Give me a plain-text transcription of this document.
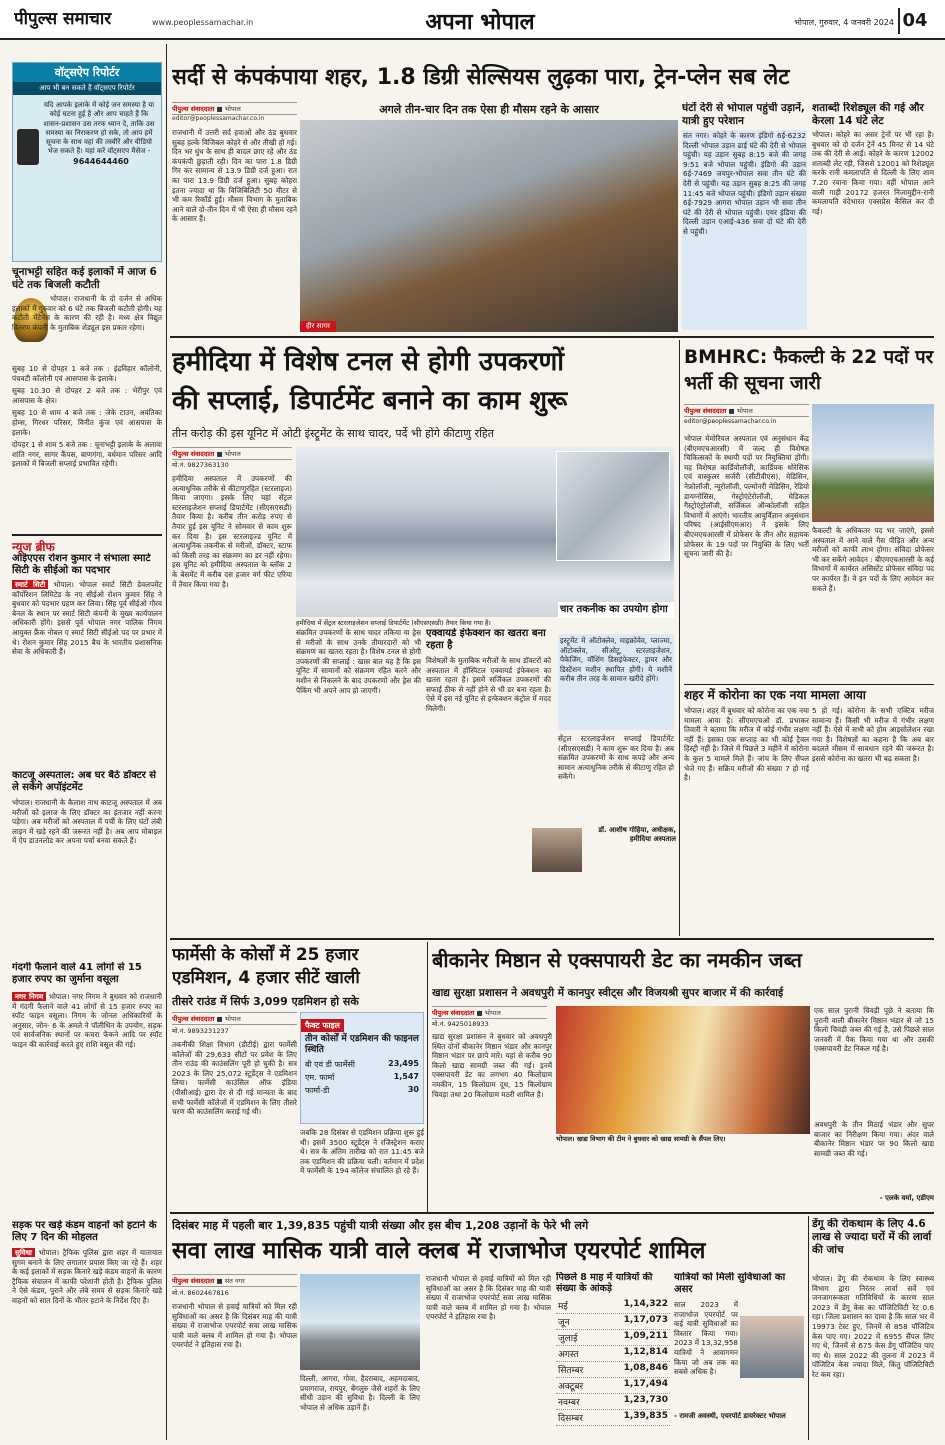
पीपुल्स समाचार	www.peoplessamachar.in	अपना भोपाल	भोपाल, गुरुवार, 4 जनवरी 2024 04
वॉट्सऐप रिपोर्टर
आप भी बन सकते हैं वॉट्सएप रिपोर्टर
यदि आपके इलाके में कोई जन समस्या है या कोई घटना हुई है और आप चाहते हैं कि शासन-प्रशासन उस तरफ ध्यान दे, ताकि उस समस्या का निराकरण हो सके, तो आप हमें सूचना के साथ वहां की तस्वीरें और वीडियो भेज सकते हैं। यहां करें वॉट्सएप मैसेज -
9644644460
चूनाभट्टी सहित कई इलाकों में आज 6 घंटे तक बिजली कटौती
भोपाल। राजधानी के दो दर्जन से अधिक इलाकों में गुरुवार को 6 घंटे तक बिजली कटौती होगी। यह कटौती मेंटेनेंस के कारण की रही है। मध्य क्षेत्र विद्युत वितरण कंपनी के मुताबिक शेड्यूल इस प्रकार रहेगा।
सुबह 10 से दोपहर 1 बजे तक : इंद्रविहार कॉलोनी, पंचवटी कॉलोनी एवं आसपास के इलाके।
सुबह 10.30 से दोपहर 2 बजे तक : भेरीपुर एवं आसपास के क्षेत्र।
सुबह 10 से शाम 4 बजे तक : जेके टाउन, अवंतिका होम्स, गिरधर परिसर, विनीत कुंज एवं आसपास के इलाके।
दोपहर 1 से शाम 5 बजे तक : चूनाभट्टी इलाके के अलावा शांति नगर, सागर कैंपस, बाणगंगा, वर्धमान परिसर आदि इलाकों में बिजली सप्लाई प्रभावित रहेगी।
न्यूज ब्रीफ
आईएएस रोशन कुमार ने संभाला स्मार्ट सिटी के सीईओ का पदभार
स्मार्ट सिटी भोपाल। भोपाल स्मार्ट सिटी डेवलपमेंट कॉर्पोरेशन लिमिटेड के नए सीईओ रोशन कुमार सिंह ने बुधवार को पदभार ग्रहण कर लिया। सिंह पूर्व सीईओ गौरव बेनल के स्थान पर स्मार्ट सिटी कंपनी के मुख्य कार्यपालन अधिकारी होंगे। इससे पूर्व भोपाल नगर पालिक निगम आयुक्त फ्रैंक नोबल ए स्मार्ट सिटी सीईओ पद पर प्रभार में थे। रोशन कुमार सिंह 2015 बैच के भारतीय प्रशासनिक सेवा के अधिकारी हैं।
काटजू अस्पताल: अब घर बैठे डॉक्टर से ले सकेंगे अपॉइंटमेंट
भोपाल। राजधानी के कैलाश नाथ काटजू अस्पताल में अब मरीजों को इलाज के लिए डॉक्टर का इंतजार नहीं करना पड़ेगा। अब मरीजों को अस्पताल में पर्ची के लिए घंटों लंबी लाइन में खड़े रहने की जरूरत नहीं है। अब आप मोबाइल में ऐप डाउनलोड कर अपना पर्चा बनवा सकते हैं।
गंदगी फैलाने वाले 41 लोगों से 15 हजार रुपए का जुर्माना वसूला
नगर निगम भोपाल। नगर निगम ने बुधवार को राजधानी में गंदगी फैलाने वाले 41 लोगों से 15 हजार रुपए का स्पॉट फाइन वसूला। निगम के जोनल अधिकारियों के अनुसार, जोन- 6 के अमले ने पॉलीथिन के उपयोग, सड़क एवं सार्वजनिक स्थानों पर कचरा फेंकने आदि पर स्पॉट फाइन की कार्रवाई करते हुए राशि वसूल की गई।
सड़क पर खड़े कंडम वाहनों को हटाने के लिए 7 दिन की मोहलत
सुविधा भोपाल। ट्रैफिक पुलिस द्वारा शहर में यातायात सुगम बनाने के लिए लगातार प्रयास किए जा रहे हैं। शहर के कई इलाकों में सड़क किनारे खड़े कंडम वाहनों के कारण ट्रैफिक संचालन में काफी परेशानी होती है। ट्रैफिक पुलिस ने ऐसे कंडम, पुराने और लंबे समय से सड़क किनारे खड़े वाहनों को सात दिनों के भीतर हटाने के निर्देश दिए हैं।
सर्दी से कंपकंपाया शहर, 1.8 डिग्री सेल्सियस लुढ़का पारा, ट्रेन-प्लेन सब लेट
पीपुल्स संवाददाता ■ भोपाल
editor@peoplessamachar.co.in
राजधानी में उत्तरी सर्द हवाओं और ठंड बुधवार सुबह हल्के विजिबल कोहरे से और तीखी हो गई। दिन भर धुंध के साथ ही बादल छाए रहे और ठंड कंपकंपी छुड़ाती रही। दिन का पारा 1.8 डिग्री गिर कर सामान्य से 13.9 डिग्री दर्ज हुआ। रात का पारा 13.9 डिग्री दर्ज हुआ। सुबह कोहरा इतना ज्यादा था कि विजिबिलिटी 50 मीटर से भी कम रिकॉर्ड हुई। मौसम विभाग के मुताबिक आने वाले दो-तीन दिन में भी ऐसा ही मौसम रहने के आसार हैं।
अगले तीन-चार दिन तक ऐसा ही मौसम रहने के आसार
हीर सागर
घंटों देरी से भोपाल पहुंची उड़ानें, यात्री हुए परेशान
संत नगर। कोहरे के कारण इंडिगो 6ई-6232 दिल्ली भोपाल उड़ान ढाई घंटे की देरी से भोपाल पहुंची। यह उड़ान सुबह 8:15 बजे की जगह 9:51 बजे भोपाल पहुंची। इंडिगो की उड़ान 6ई-7469 जयपुर-भोपाल सवा तीन घंटे की देरी से पहुंची। यह उड़ान सुबह 8:25 की जगह 11:45 बजे भोपाल पहुंची। इंडिगो उड़ान संख्या 6ई-7929 आगरा भोपाल उड़ान भी सवा तीन घंटे की देरी से भोपाल पहुंची। एयर इंडिया की दिल्ली उड़ान एआई-436 सवा दो घंटे की देरी से पहुंची।
शताब्दी रिशेड्यूल की गई और केरला 14 घंटे लेट
भोपाल। कोहरे का असर ट्रेनों पर भी रहा है। बुधवार को दो दर्जन ट्रेनें 45 मिनट से 14 घंटे तक की देरी से आईं। कोहरे के कारण 12002 शताब्दी लेट रही, जिससे 12001 को रिशेड्यूल करके रानी कमलापति से दिल्ली के लिए शाम 7.20 रवाना किया गया। वहीं भोपाल आने वाली गाड़ी 20172 हजरत निजामुद्दीन-रानी कमलापति वंदेभारत एक्सप्रेस कैंसिल कर दी गई।
हमीदिया में विशेष टनल से होगी उपकरणों
की सप्लाई, डिपार्टमेंट बनाने का काम शुरू
तीन करोड़ की इस यूनिट में ओटी इंस्ट्रूमेंट के साथ चादर, पर्दे भी होंगे कीटाणु रहित
पीपुल्स संवाददाता ■ भोपाल
मो.नं. 9827363130
हमीदिया अस्पताल में उपकरणों की अत्याधुनिक तरीके से कीटाणुरहित (स्टरलाइज) किया जाएगा। इसके लिए यहां सेंट्रल स्टरलाइजेशन सप्लाई डिपार्टमेंट (सीएसएसडी) तैयार किया है। करीब तीन करोड़ रुपए से तैयार हुई इस यूनिट ने सोमवार से काम शुरू कर दिया है। इस स्टरलाइज्ड यूनिट में अत्याधुनिक तकनीक से मरीजों, डॉक्टर, स्टाफ को किसी तरह का संक्रमण का डर नहीं रहेगा। इस यूनिट को हमीदिया अस्पताल के ब्लॉक 2 के बेसमेंट में करीब दस हजार वर्ग फीट एरिया में तैयार किया गया है।
हमीदिया में सेंट्रल स्टरलाइजेशन सप्लाई डिपार्टमेंट (सीएसएसडी) तैयार किया गया है।
संक्रमित उपकरणों के साथ चादर तकिया या ड्रेस से मरीजों के साथ उनके तीमारदारों को भी संक्रमण का खतरा रहता है। विशेष टनल से होगी उपकरणों की सप्लाई : खास बात यह है कि इस यूनिट में सामानों को संक्रमण रहित करने और मशीन से निकलने के बाद उपकरणों और ड्रेस की पैकिंग भी अपने आप हो जाएगी।
एक्वायर्ड इंफेक्शन का खतरा बना रहता है
विशेषज्ञों के मुताबिक मरीजों के साथ डॉक्टरों को अस्पताल में हॉस्पिटल एक्वायर्ड इंफेक्शन का खतरा रहता है। इसमें सर्जिकल उपकरणों की सफाई ठीक से नहीं होने से भी डर बना रहता है। ऐसे में इस नई यूनिट से इन्फेक्शन कंट्रोल में मदद मिलेगी।
चार तकनीक का उपयोग होगा
इस्ट्रूमेंट में ऑटोक्लेव, माइक्रोवेव, प्लाज्मा, ऑटोक्लेव, सीओटू, स्टरलाइजेशन, पैकेजिंग, वॉशिंग डिसइंफेक्टर, ड्रायर और डिस्टेंशन मशीन स्थापित होंगी। ये मशीनें करीब तीन तरह के सामान खरीदे होंगे।
सेंट्रल स्टरलाइजेशन सप्लाई डिपार्टमेंट (सीएसएसडी) ने काम शुरू कर दिया है। अब संक्रमित उपकरणों के साथ कपड़े और अन्य सामान अत्याधुनिक तरीके से कीटाणु रहित हो सकेंगे।
डॉ. आशीष गोहिया, अधीक्षक, हमीदिया अस्पताल
BMHRC: फैकल्टी के 22 पदों पर भर्ती की सूचना जारी
पीपुल्स संवाददाता ■ भोपाल
editor@peoplessamachar.co.in
भोपाल मेमोरियल अस्पताल एवं अनुसंधान केंद्र (बीएमएचआरसी) में जल्द ही विशेषज्ञ चिकित्सकों के स्थायी पदों पर नियुक्तियां होंगी। यह विशेषज्ञ कार्डियोलॉजी, कार्डियक थोरेसिक एवं वास्कुलर सर्जरी (सीटीवीएस), मेडिसिन, नेफ्रोलॉजी, न्यूरोलॉजी, पल्मोनरी मेडिसिन, रेडियो डायग्नोसिस, गेस्ट्रोएंटेरोलॉजी, मेडिकल गैस्ट्रोएंट्रोलॉजी, सर्जिकल ऑन्कोलॉजी सहित विभागों में आएंगे। भारतीय आयुर्विज्ञान अनुसंधान परिषद (आईसीएमआर) ने इसके लिए बीएमएचआरसी में प्रोफेसर के तीन और सहायक प्रोफेसर के 19 पदों पर नियुक्ति के लिए भर्ती सूचना जारी की है।
फैकल्टी के अधिकतर पद भर जाएंगे, इससे अस्पताल में आने वाले गैस पीड़ित और अन्य मरीजों को काफी लाभ होगा। संविदा प्रोफेसर भी कर सकेंगे आवेदन : बीएमएचआरसी के कई विभागों में कार्यरत असिस्टेंट प्रोफेसर संविदा पद पर कार्यरत हैं। वे इन पदों के लिए आवेदन कर सकते हैं।
शहर में कोरोना का एक नया मामला आया
भोपाल। शहर में बुधवार को कोरोना का एक नया मामला आया है। सीएमएचओ डॉ. प्रभाकर तिवारी ने बताया कि मरीज में कोई गंभीर लक्षण नहीं हैं। इसका एक सप्ताह का भी कोई ट्रैवल हिस्ट्री नहीं है। जिले में पिछले 3 महीने में कोरोना के कुल 5 मामले मिले हैं। जांच के लिए सैंपल भेजे गए हैं। सक्रिय मरीजों की संख्या 7 हो गई है।
5 हो गई। कोरोना के सभी एक्टिव मरीज सामान्य हैं। किसी भी मरीज में गंभीर लक्षण नहीं हैं। ऐसे में सभी को होम आइसोलेशन रखा गया है। विशेषज्ञों का कहना है कि अब बार बदलते मौसम में सावधान रहने की जरूरत है। इससे कोरोना का खतरा भी बढ़ सकता है।
फार्मेसी के कोर्सों में 25 हजार एडमिशन, 4 हजार सीटें खाली
तीसरे राउंड में सिर्फ 3,099 एडमिशन हो सके
पीपुल्स संवाददाता ■ भोपाल
मो.नं. 9893231237
तकनीकी शिक्षा विभाग (डीटीई) द्वारा फार्मेसी कॉलेजों की 29,633 सीटों पर प्रवेश के लिए तीन राउंड की काउंसलिंग पूरी हो चुकी है। सत्र 2023 के लिए 25,072 स्टूडेंट्स ने एडमिशन लिया। फार्मेसी काउंसिल ऑफ इंडिया (पीसीआई) द्वारा देर से दी गई मान्यता के बाद सभी फार्मेसी कॉलेजों में एडमिशन के लिए तीसरे चरण की काउंसलिंग कराई गई थी।
फैक्ट फाइल
तीन कोर्सों में एडमिशन की फाइनल स्थिति
बी एवं डी फार्मेसी	23,495
एम. फार्मा	1,547
फार्मा-डी	30
जबकि 28 दिसंबर से एडमिशन प्रक्रिया शुरू हुई थी। इसमें 3500 स्टूडेंट्स ने रजिस्ट्रेशन कराए थे। सत्र के अंतिम तारीख को रात 11:45 बजे तक एडमिशन की प्रक्रिया चली। वर्तमान में प्रदेश में फार्मेसी के 194 कॉलेज संचालित हो रहे हैं।
बीकानेर मिष्ठान से एक्सपायरी डेट का नमकीन जब्त
खाद्य सुरक्षा प्रशासन ने अवधपुरी में कानपुर स्वीट्स और विजयश्री सुपर बाजार में की कार्रवाई
पीपुल्स संवाददाता ■ भोपाल
मो.नं. 9425018933
खाद्य सुरक्षा प्रशासन ने बुधवार को अवधपुरी स्थित दोनों बीकानेर मिष्ठान भंडार और कानपुर मिष्ठान भंडार पर छापे मारे। यहां से करीब 90 किलो खाद्य सामग्री जब्त की गई। इनमें एक्सपायरी डेट का लगभग 40 किलोग्राम नमकीन, 15 किलोग्राम दूध, 15 किलोग्राम चिवड़ा तथा 20 किलोग्राम मठरी शामिल है।
भोपाल। खाद्य विभाग की टीम ने बुधवार को खाद्य सामग्री के सैंपल लिए।
एक साल पुरानी चिवड़ी पूछे ने बताया कि पुरानी वाली बीकानेर मिष्ठान भंडार से जो 15 किलो चिवड़ी जब्त की गई है, उसे पिछले साल जनवरी में पैक किया गया था और उसकी एक्सपायरी डेट निकल गई है।
अवधपुरी के तीन मिठाई भंडार और सुपर बाजार का निरीक्षण किया गया। अंदर वाले बीकानेर मिष्ठान भंडार पर 90 किलो खाद्य सामग्री जब्त की गई।
- एलके वर्मा, एडीएम
दिसंबर माह में पहली बार 1,39,835 पहुंची यात्री संख्या और इस बीच 1,208 उड़ानों के फेरे भी लगे
सवा लाख मासिक यात्री वाले क्लब में राजाभोज एयरपोर्ट शामिल
पीपुल्स संवाददाता ■ संत नगर
मो.नं. 8602467816
राजधानी भोपाल से हवाई यात्रियों को मिल रही सुविधाओं का असर है कि दिसंबर माह की यात्री संख्या में राजाभोज एयरपोर्ट सवा लाख मासिक यात्री वाले क्लब में शामिल हो गया है। भोपाल एयरपोर्ट ने इतिहास रचा है।
दिल्ली, आगरा, गोवा, हैदराबाद, अहमदाबाद, प्रयागराज, रायपुर, बेंगलुरु जैसे शहरों के लिए सीधी उड़ान की सुविधा है। दिल्ली के लिए भोपाल से अधिक उड़ानें हैं।
राजधानी भोपाल से हवाई यात्रियों को मिल रही सुविधाओं का असर है कि दिसंबर माह की यात्री संख्या में राजाभोज एयरपोर्ट सवा लाख मासिक यात्री वाले क्लब में शामिल हो गया है। भोपाल एयरपोर्ट ने इतिहास रचा है।
पिछले 8 माह में यात्रियों की संख्या के आंकड़े
मई	1,14,322
जून	1,17,073
जुलाई	1,09,211
अगस्त	1,12,814
सितम्बर	1,08,846
अक्टूबर	1,17,494
नवम्बर	1,23,730
दिसम्बर	1,39,835
यात्रियों को मिली सुविधाओं का असर
साल 2023 में राजाभोज एयरपोर्ट पर कई यात्री सुविधाओं का विस्तार किया गया। 2023 में 13,32,958 यात्रियों ने आवागमन किया जो अब तक का सबसे अधिक है।
- रामजी अवस्थी, एयरपोर्ट डायरेक्टर भोपाल
डेंगू की रोकथाम के लिए 4.6 लाख से ज्यादा घरों में की लार्वा की जांच
भोपाल। डेंगू की रोकथाम के लिए स्वास्थ्य विभाग द्वारा निरंतर लार्वा सर्वे एवं जनजागरूकता गतिविधियों के कारण साल 2023 में डेंगू केस का पॉजिटिविटी रेट 0.6 रहा। जिला प्रशासन का दावा है कि साल भर में 19973 टेस्ट हुए, जिनमें से 858 पॉजिटिव केस पाए गए। 2022 में 6955 सैंपल लिए गए थे, जिनमें से 675 केस डेंगू पॉजिटिव पाए गए थे। साल 2022 की तुलना में 2023 में पॉजिटिव केस ज्यादा मिले, किंतु पॉजिटिविटी रेट कम रहा।
